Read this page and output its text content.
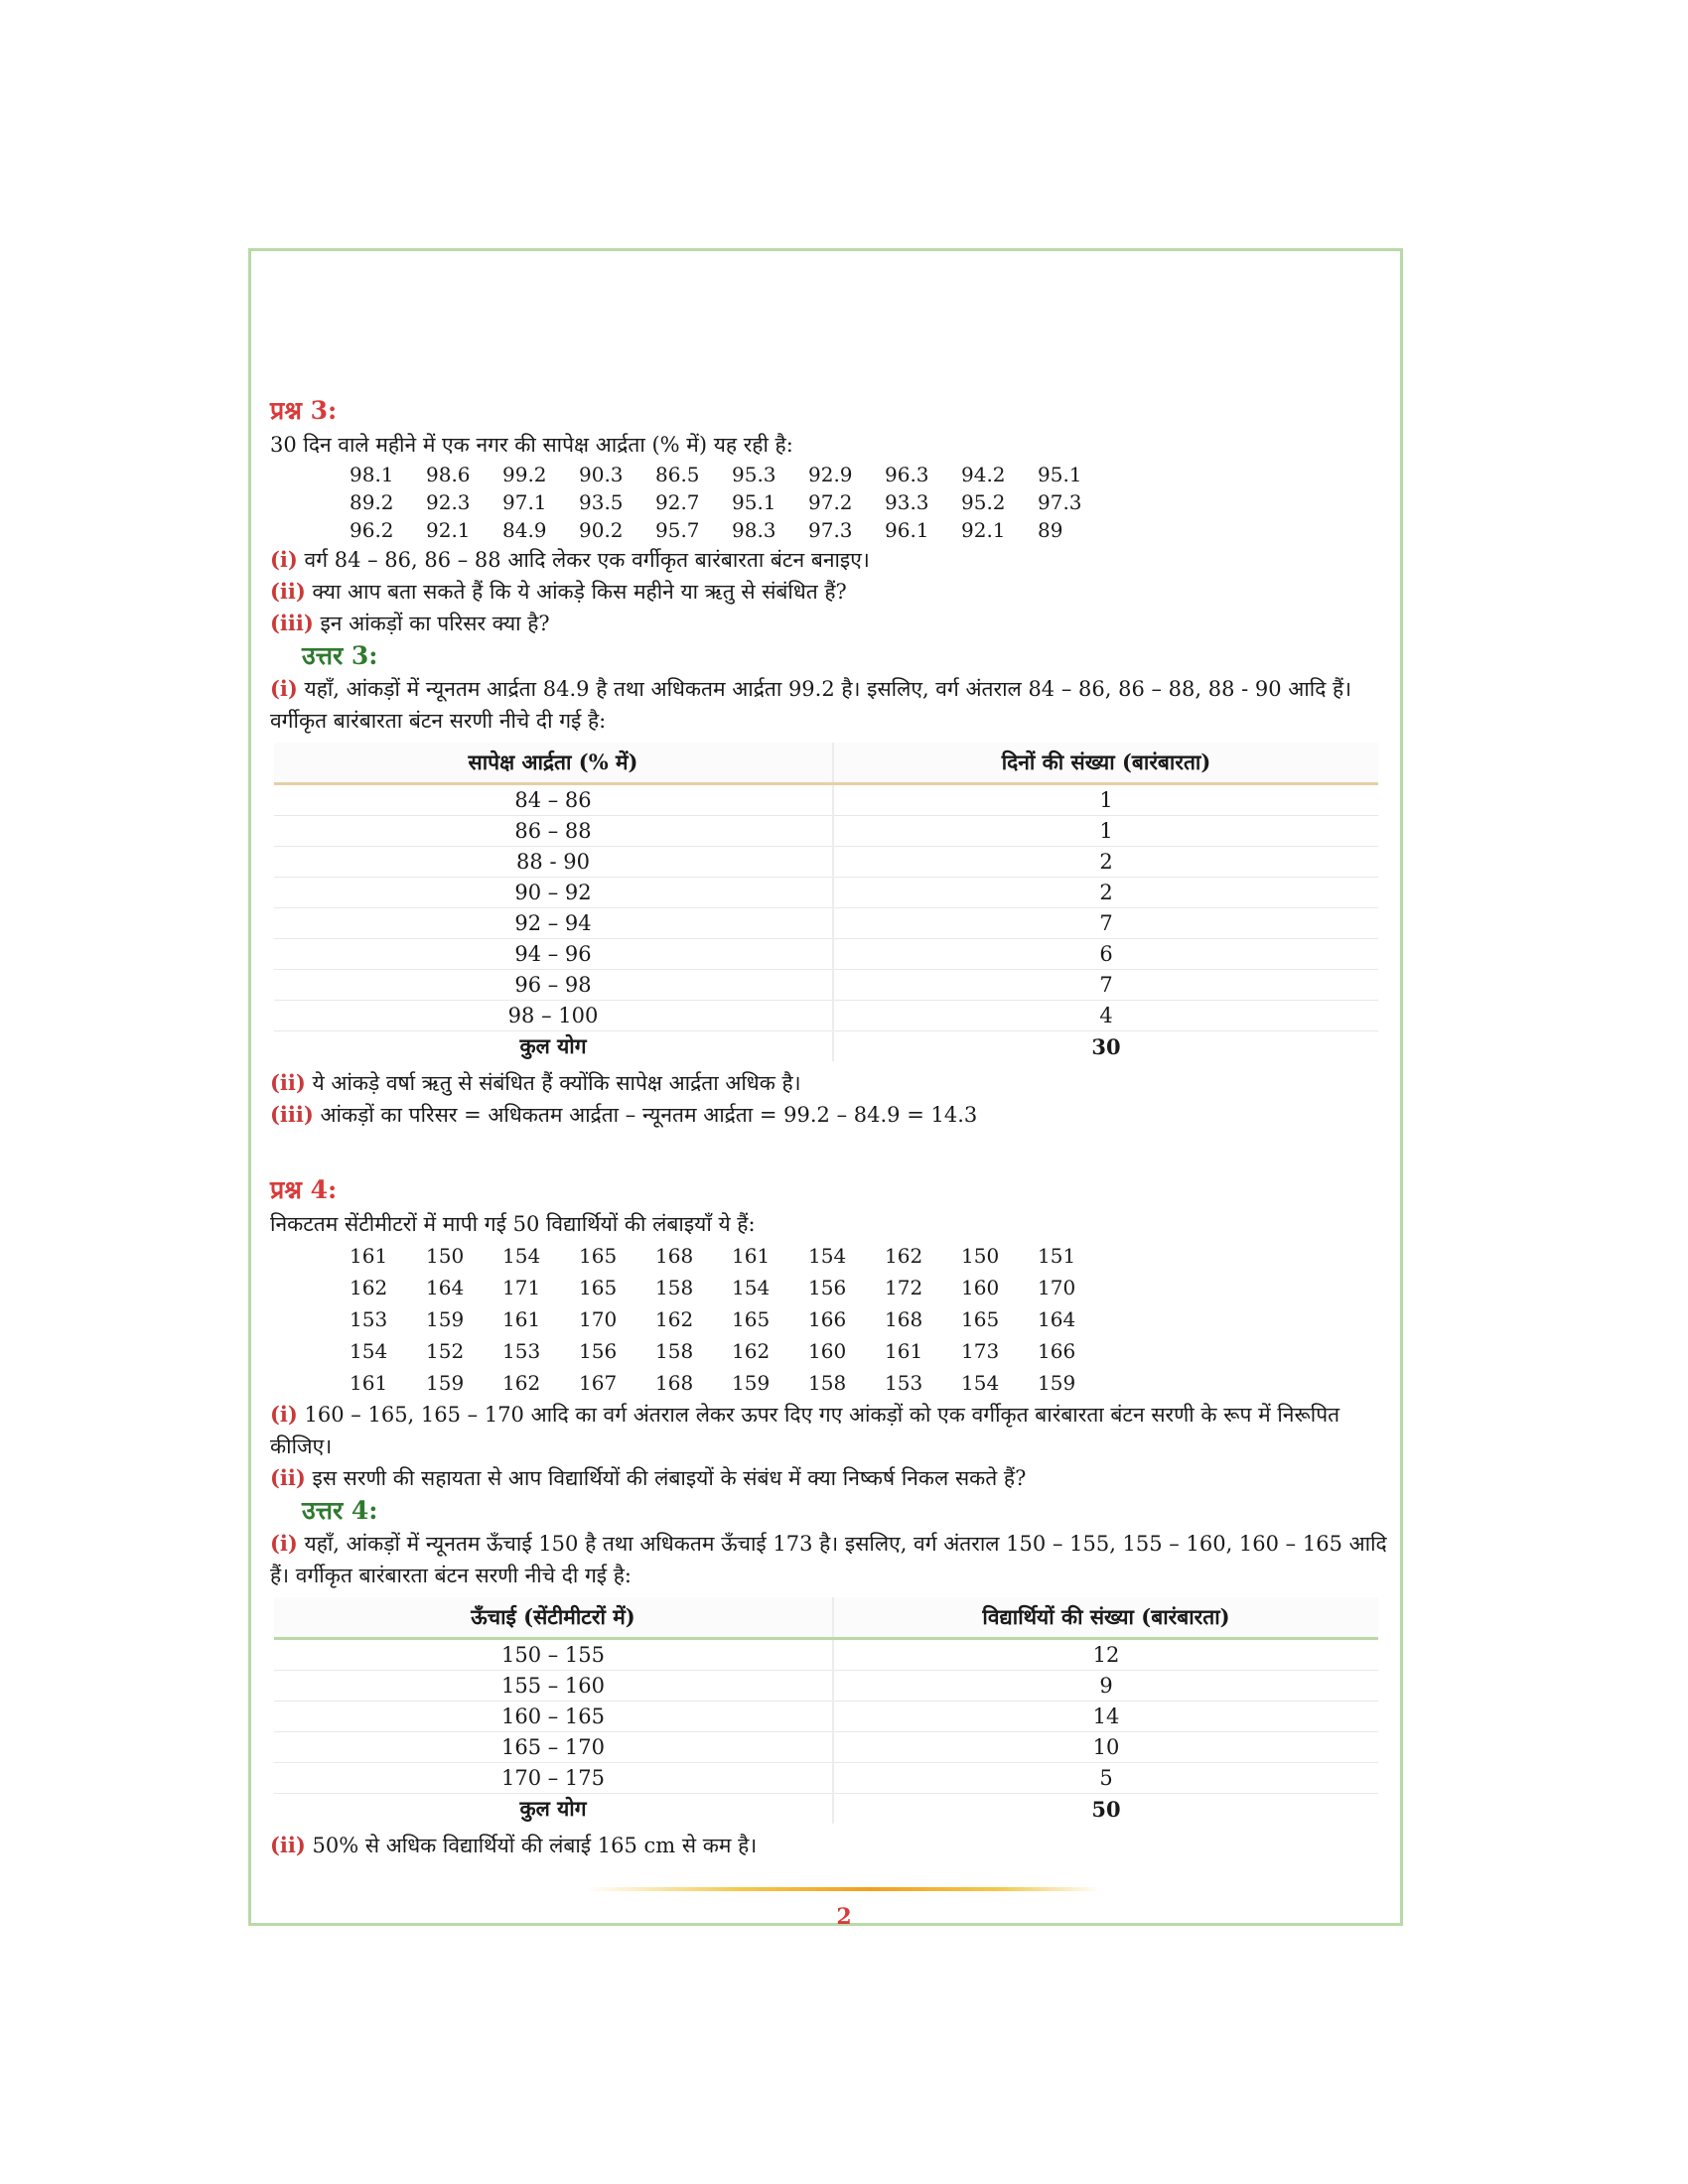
प्रश्न 3:
30 दिन वाले महीने में एक नगर की सापेक्ष आर्द्रता (% में) यह रही है:
98.1	98.6	99.2	90.3	86.5	95.3	92.9	96.3	94.2	95.1
89.2	92.3	97.1	93.5	92.7	95.1	97.2	93.3	95.2	97.3
96.2	92.1	84.9	90.2	95.7	98.3	97.3	96.1	92.1	89
(i) वर्ग 84 – 86, 86 – 88 आदि लेकर एक वर्गीकृत बारंबारता बंटन बनाइए।
(ii) क्या आप बता सकते हैं कि ये आंकड़े किस महीने या ऋतु से संबंधित हैं?
(iii) इन आंकड़ों का परिसर क्या है?
उत्तर 3:
(i) यहाँ, आंकड़ों में न्यूनतम आर्द्रता 84.9 है तथा अधिकतम आर्द्रता 99.2 है। इसलिए, वर्ग अंतराल 84 – 86, 86 – 88, 88 - 90 आदि हैं। वर्गीकृत बारंबारता बंटन सरणी नीचे दी गई है:
सापेक्ष आर्द्रता (% में)	दिनों की संख्या (बारंबारता)
84 – 86	1
86 – 88	1
88 - 90	2
90 – 92	2
92 – 94	7
94 – 96	6
96 – 98	7
98 – 100	4
कुल योग	30
(ii) ये आंकड़े वर्षा ऋतु से संबंधित हैं क्योंकि सापेक्ष आर्द्रता अधिक है।
(iii) आंकड़ों का परिसर = अधिकतम आर्द्रता – न्यूनतम आर्द्रता = 99.2 – 84.9 = 14.3
प्रश्न 4:
निकटतम सेंटीमीटरों में मापी गई 50 विद्यार्थियों की लंबाइयाँ ये हैं:
161	150	154	165	168	161	154	162	150	151
162	164	171	165	158	154	156	172	160	170
153	159	161	170	162	165	166	168	165	164
154	152	153	156	158	162	160	161	173	166
161	159	162	167	168	159	158	153	154	159
(i) 160 – 165, 165 – 170 आदि का वर्ग अंतराल लेकर ऊपर दिए गए आंकड़ों को एक वर्गीकृत बारंबारता बंटन सरणी के रूप में निरूपित कीजिए।
(ii) इस सरणी की सहायता से आप विद्यार्थियों की लंबाइयों के संबंध में क्या निष्कर्ष निकल सकते हैं?
उत्तर 4:
(i) यहाँ, आंकड़ों में न्यूनतम ऊँचाई 150 है तथा अधिकतम ऊँचाई 173 है। इसलिए, वर्ग अंतराल 150 – 155, 155 – 160, 160 – 165 आदि हैं। वर्गीकृत बारंबारता बंटन सरणी नीचे दी गई है:
ऊँचाई (सेंटीमीटरों में)	विद्यार्थियों की संख्या (बारंबारता)
150 – 155	12
155 – 160	9
160 – 165	14
165 – 170	10
170 – 175	5
कुल योग	50
(ii) 50% से अधिक विद्यार्थियों की लंबाई 165 cm से कम है।
2
